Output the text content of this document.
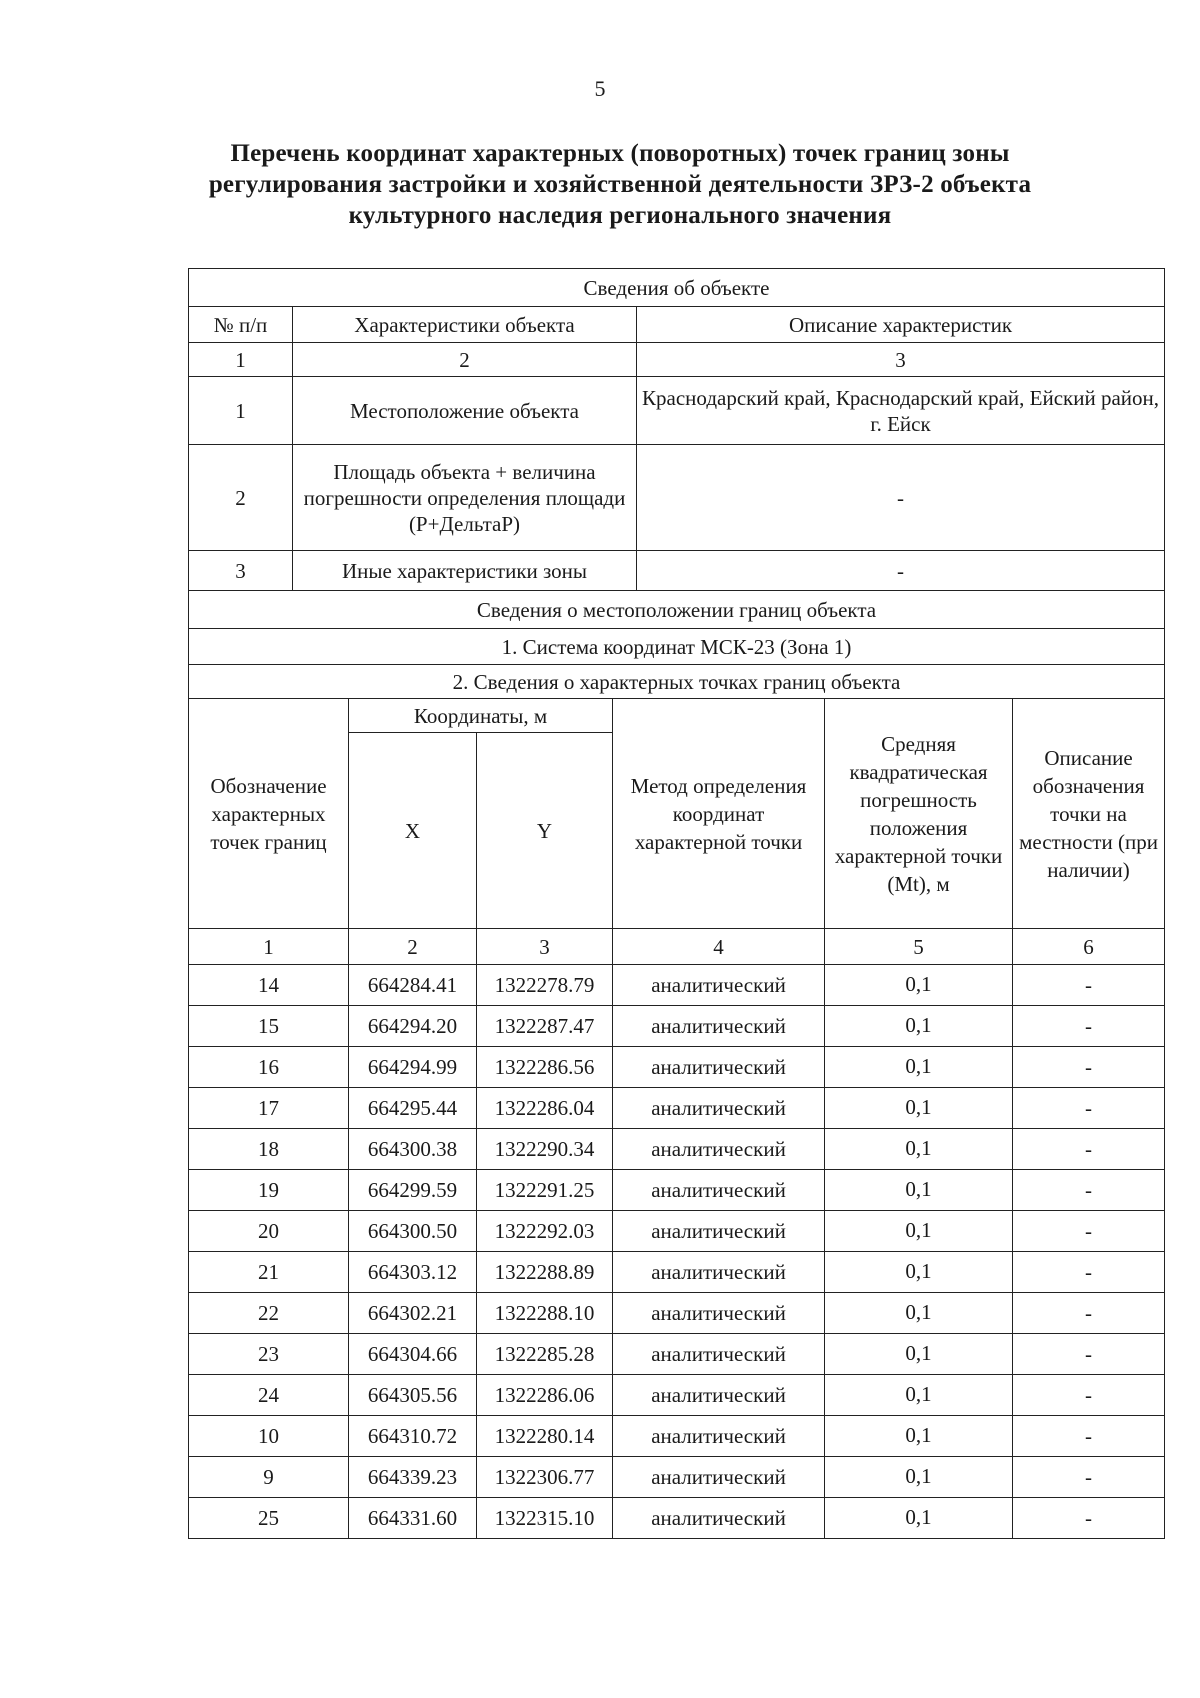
5
Перечень координат характерных (поворотных) точек границ зоны
регулирования застройки и хозяйственной деятельности ЗРЗ-2 объекта
культурного наследия регионального значения
Сведения об объекте		
№ п/п	Характеристики объекта	Описание характеристик
1	2	3
1	Местоположение объекта	Краснодарский край, Краснодарский край, Ейский район, г. Ейск
2	Площадь объекта + величина погрешности определения площади (Р+ДельтаР)	-
3	Иные характеристики зоны	-
Сведения о местоположении границ объекта		
1. Система координат МСК-23 (Зона 1)		
2. Сведения о характерных точках границ объекта		
Обозначение характерных точек границ	Координаты, м		Метод определения координат характерной точки	Средняя квадратическая погрешность положения характерной точки (Mt), м	Описание обозначения точки на местности (при наличии)
	X	Y			
1	2	3	4	5	6
14	664284.41	1322278.79	аналитический	0,1	-
15	664294.20	1322287.47	аналитический	0,1	-
16	664294.99	1322286.56	аналитический	0,1	-
17	664295.44	1322286.04	аналитический	0,1	-
18	664300.38	1322290.34	аналитический	0,1	-
19	664299.59	1322291.25	аналитический	0,1	-
20	664300.50	1322292.03	аналитический	0,1	-
21	664303.12	1322288.89	аналитический	0,1	-
22	664302.21	1322288.10	аналитический	0,1	-
23	664304.66	1322285.28	аналитический	0,1	-
24	664305.56	1322286.06	аналитический	0,1	-
10	664310.72	1322280.14	аналитический	0,1	-
9	664339.23	1322306.77	аналитический	0,1	-
25	664331.60	1322315.10	аналитический	0,1	-
